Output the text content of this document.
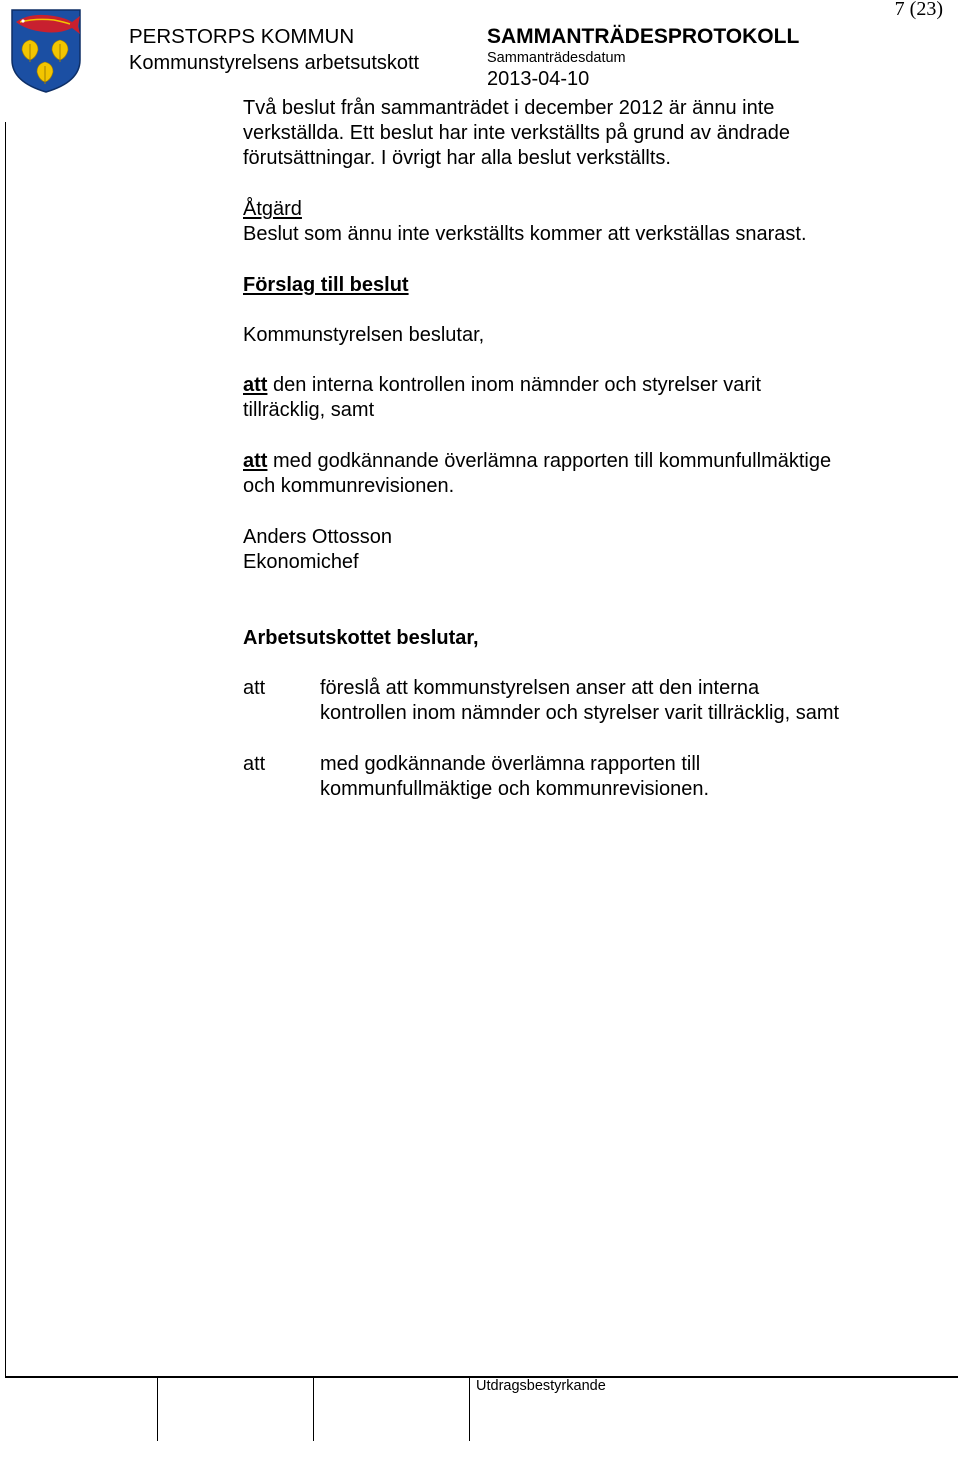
PERSTORPS KOMMUN
Kommunstyrelsens arbetsutskott
SAMMANTRÄDESPROTOKOLL
Sammanträdesdatum
2013-04-10
7 (23)
Två beslut från sammanträdet i december 2012 är ännu inte
verkställda. Ett beslut har inte verkställts på grund av ändrade
förutsättningar. I övrigt har alla beslut verkställts.
Åtgärd
Beslut som ännu inte verkställts kommer att verkställas snarast.
Förslag till beslut
Kommunstyrelsen beslutar,
att den interna kontrollen inom nämnder och styrelser varit
tillräcklig, samt
att med godkännande överlämna rapporten till kommunfullmäktige
och kommunrevisionen.
Anders Ottosson
Ekonomichef
Arbetsutskottet beslutar,
att	föreslå att kommunstyrelsen anser att den interna
kontrollen inom nämnder och styrelser varit tillräcklig, samt
att	med godkännande överlämna rapporten till
kommunfullmäktige och kommunrevisionen.
Utdragsbestyrkande
